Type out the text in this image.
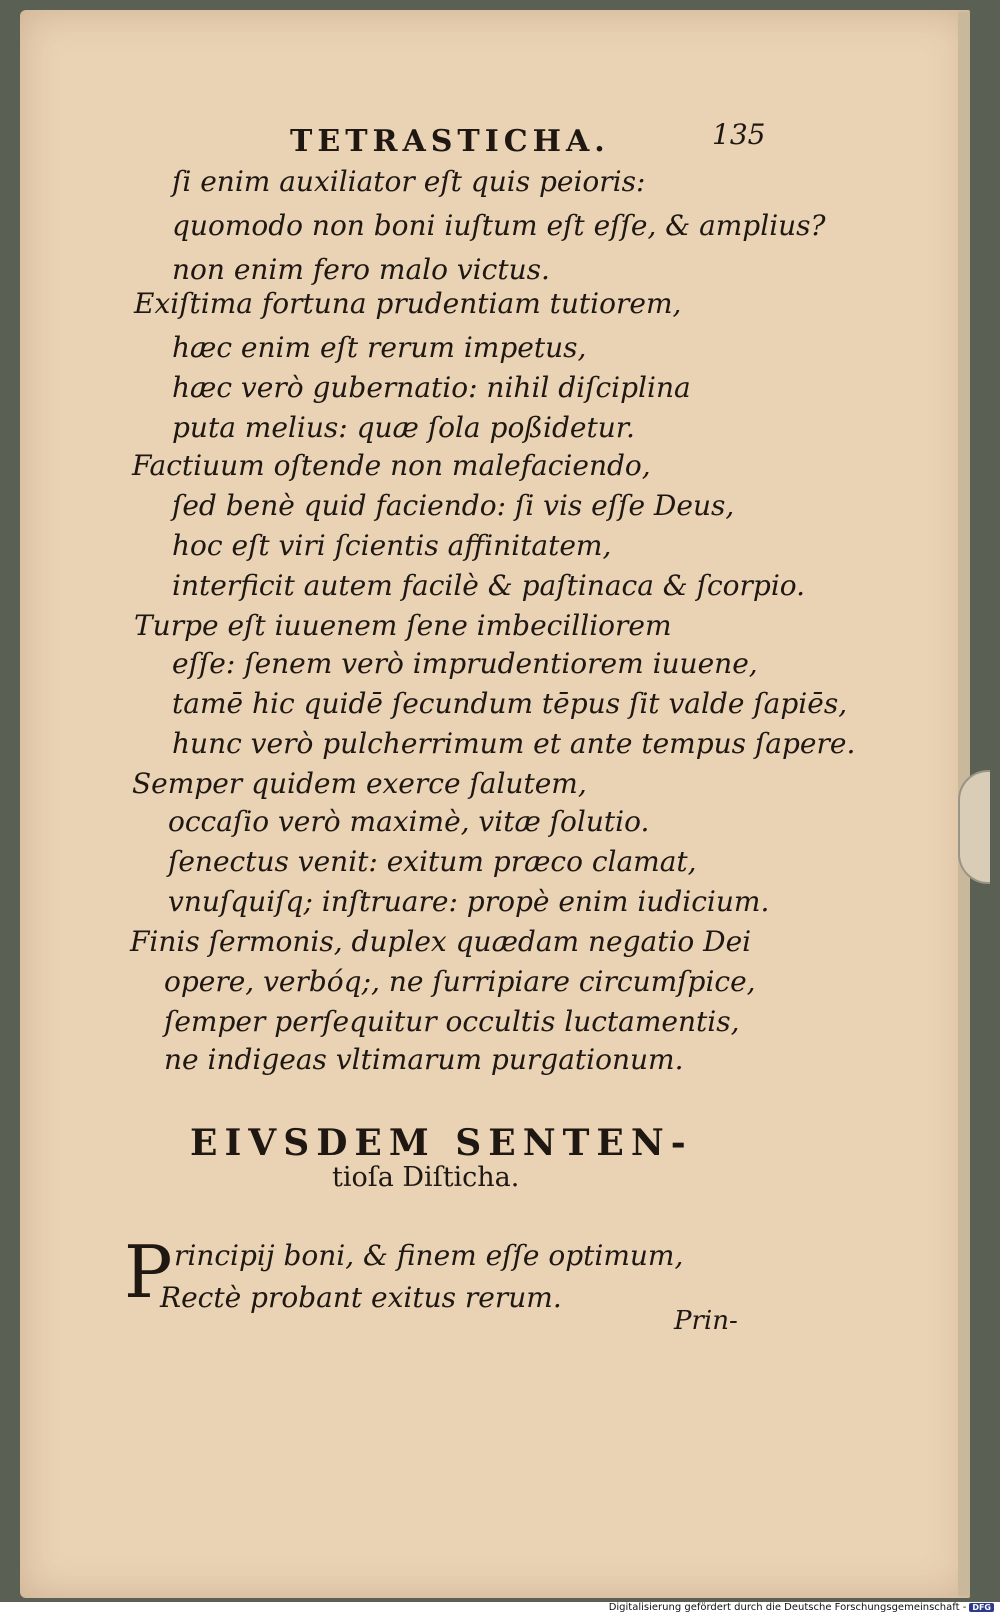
TETRASTICHA.	135

ſi enim auxiliator eſt quis peioris:

quomodo non boni iuſtum eſt eſſe, & amplius?

non enim fero malo victus.

Exiſtima fortuna prudentiam tutiorem,

hæc enim eſt rerum impetus,

hæc verò gubernatio: nihil diſciplina

puta melius: quæ ſola poßidetur.

Factiuum oſtende non malefaciendo,

ſed benè quid faciendo: ſi vis eſſe Deus,

hoc eſt viri ſcientis affinitatem,

interficit autem facilè & paſtinaca & ſcorpio.

Turpe eſt iuuenem ſene imbecilliorem

eſſe: ſenem verò imprudentiorem iuuene,

tamē hic quidē ſecundum tēpus ſit valde ſapiēs,

hunc verò pulcherrimum et ante tempus ſapere.

Semper quidem exerce ſalutem,

occaſio verò maximè, vitæ ſolutio.

ſenectus venit: exitum præco clamat,

vnuſquiſq; inſtruare: propè enim iudicium.

Finis ſermonis, duplex quædam negatio Dei

opere, verbóq;, ne ſurripiare circumſpice,

ſemper perſequitur occultis luctamentis,

ne indigeas vltimarum purgationum.

EIVSDEM SENTEN-

tioſa Diſticha.

P rincipij boni, & finem eſſe optimum,

Rectè probant exitus rerum.

Prin-

Digitalisierung gefördert durch die Deutsche Forschungsgemeinschaft - DFG
